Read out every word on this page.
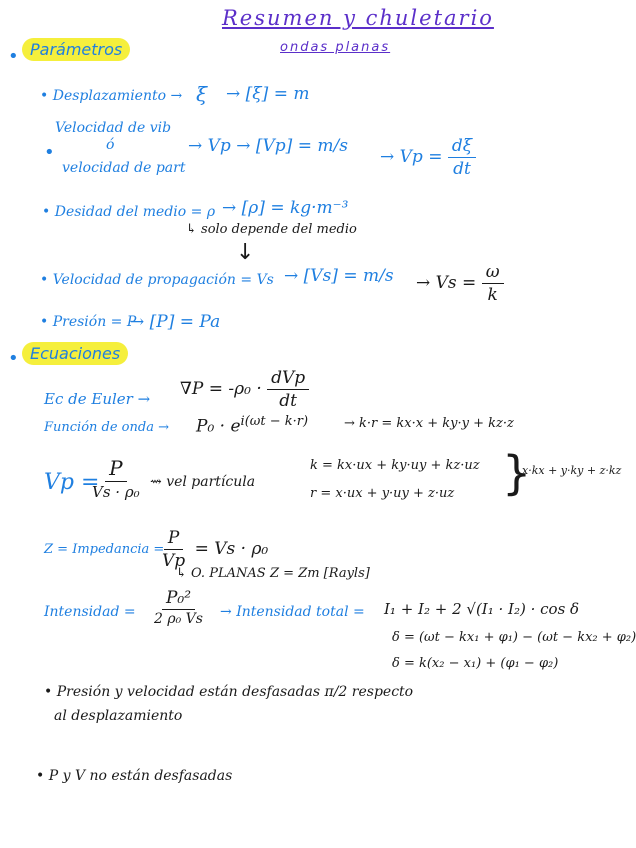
Resumen y chuletario
ondas planas
• Parámetros
• Desplazamiento → ξ → [ξ] = m
Velocidad de vib
ó
•
velocidad de part
→ Vp → [Vp] = m/s
→ $Vp = \frac{d\xi}{dt}$
• Desidad del medio = ρ → [ρ] = kg·m⁻³
↳ solo depende del medio
↓
• Velocidad de propagación = $Vs \to [Vs] = m/s \to Vs = \frac{\omega}{k}$
• Presión = P
→ [P] = Pa
• Ecuaciones
Ec de Euler → $\nabla P = -\rho_0 \cdot \frac{\text{dVp}}{dt}$
Función de onda → $P_0 \cdot e^{i(\omega t - k\cdot r)}$	→ k·r = kx·x + ky·y + kz·z
Vp =
$\frac{P}{\text{Vs · ρ₀}}$ ⇝ vel partícula
k = kx·ux + ky·uy + kz·uz
r = x·ux + y·uy + z·uz }
x·kx + y·ky + z·kz
Z = Impedancia =
$\frac{P}{Vp} = Vs \cdot \rho_0$
↳ O. PLANAS Z = Zm [Rayls]
Intensidad = $\frac{\text{P₀²}}{\text{2 ρ₀ Vs}}$ → Intensidad total = I₁ + I₂ + 2 √(I₁ · I₂) · cos δ
δ = (ωt − kx₁ + φ₁) − (ωt − kx₂ + φ₂)
δ = k(x₂ − x₁) + (φ₁ − φ₂)
• Presión y velocidad están desfasadas π/2 respecto
al desplazamiento
• P y V no están desfasadas
